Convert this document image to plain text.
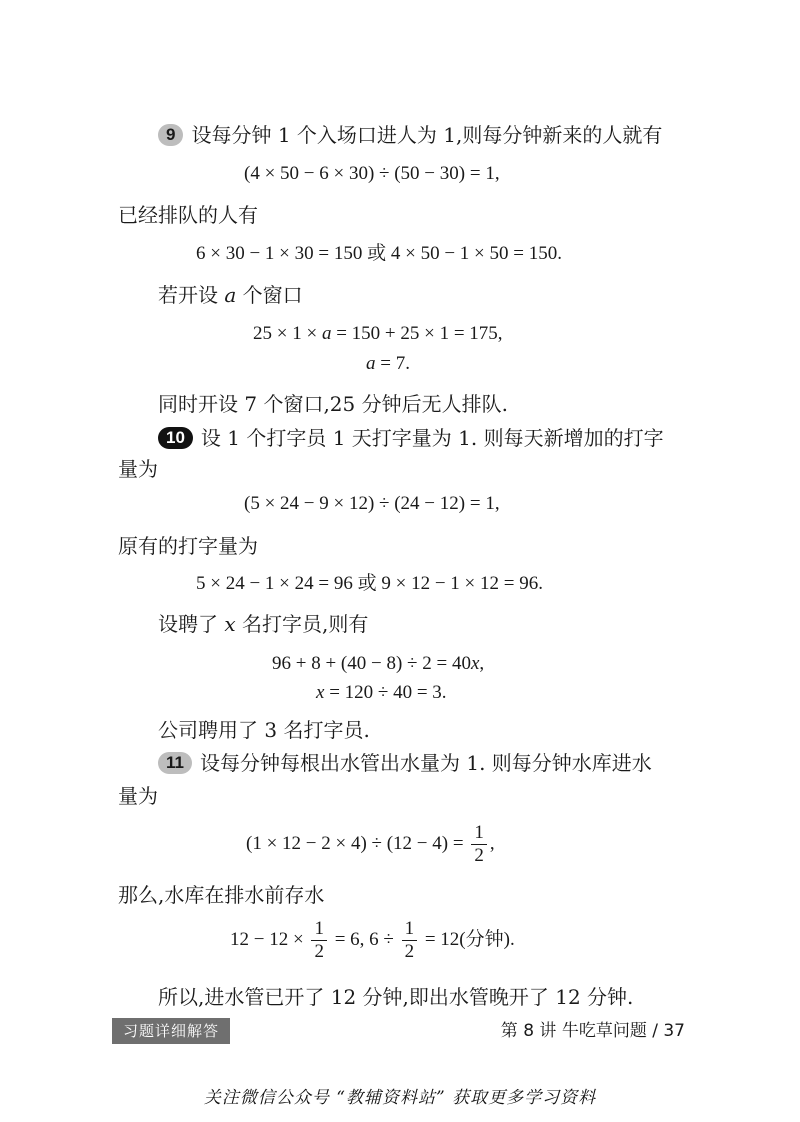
9 设每分钟 1 个入场口进人为 1,则每分钟新来的人就有
(4 × 50 − 6 × 30) ÷ (50 − 30) = 1,
已经排队的人有
6 × 30 − 1 × 30 = 150 或 4 × 50 − 1 × 50 = 150.
若开设 a 个窗口
25 × 1 × a = 150 + 25 × 1 = 175,
a = 7.
同时开设 7 个窗口,25 分钟后无人排队.
10 设 1 个打字员 1 天打字量为 1. 则每天新增加的打字
量为
(5 × 24 − 9 × 12) ÷ (24 − 12) = 1,
原有的打字量为
5 × 24 − 1 × 24 = 96 或 9 × 12 − 1 × 12 = 96.
设聘了 x 名打字员,则有
96 + 8 + (40 − 8) ÷ 2 = 40x,
x = 120 ÷ 40 = 3.
公司聘用了 3 名打字员.
11 设每分钟每根出水管出水量为 1. 则每分钟水库进水
量为
$(1 \times 12 - 2 \times 4) \div (12 - 4) = \frac{1}{2}$ ,
那么,水库在排水前存水
$12 - 12 \times \frac{1}{2} = 6$, $6 \div \frac{1}{2} = 12$(分钟).
所以,进水管已开了 12 分钟,即出水管晚开了 12 分钟.
习题详细解答	第 8 讲 牛吃草问题 / 37
关注微信公众号 “教辅资料站” 获取更多学习资料
